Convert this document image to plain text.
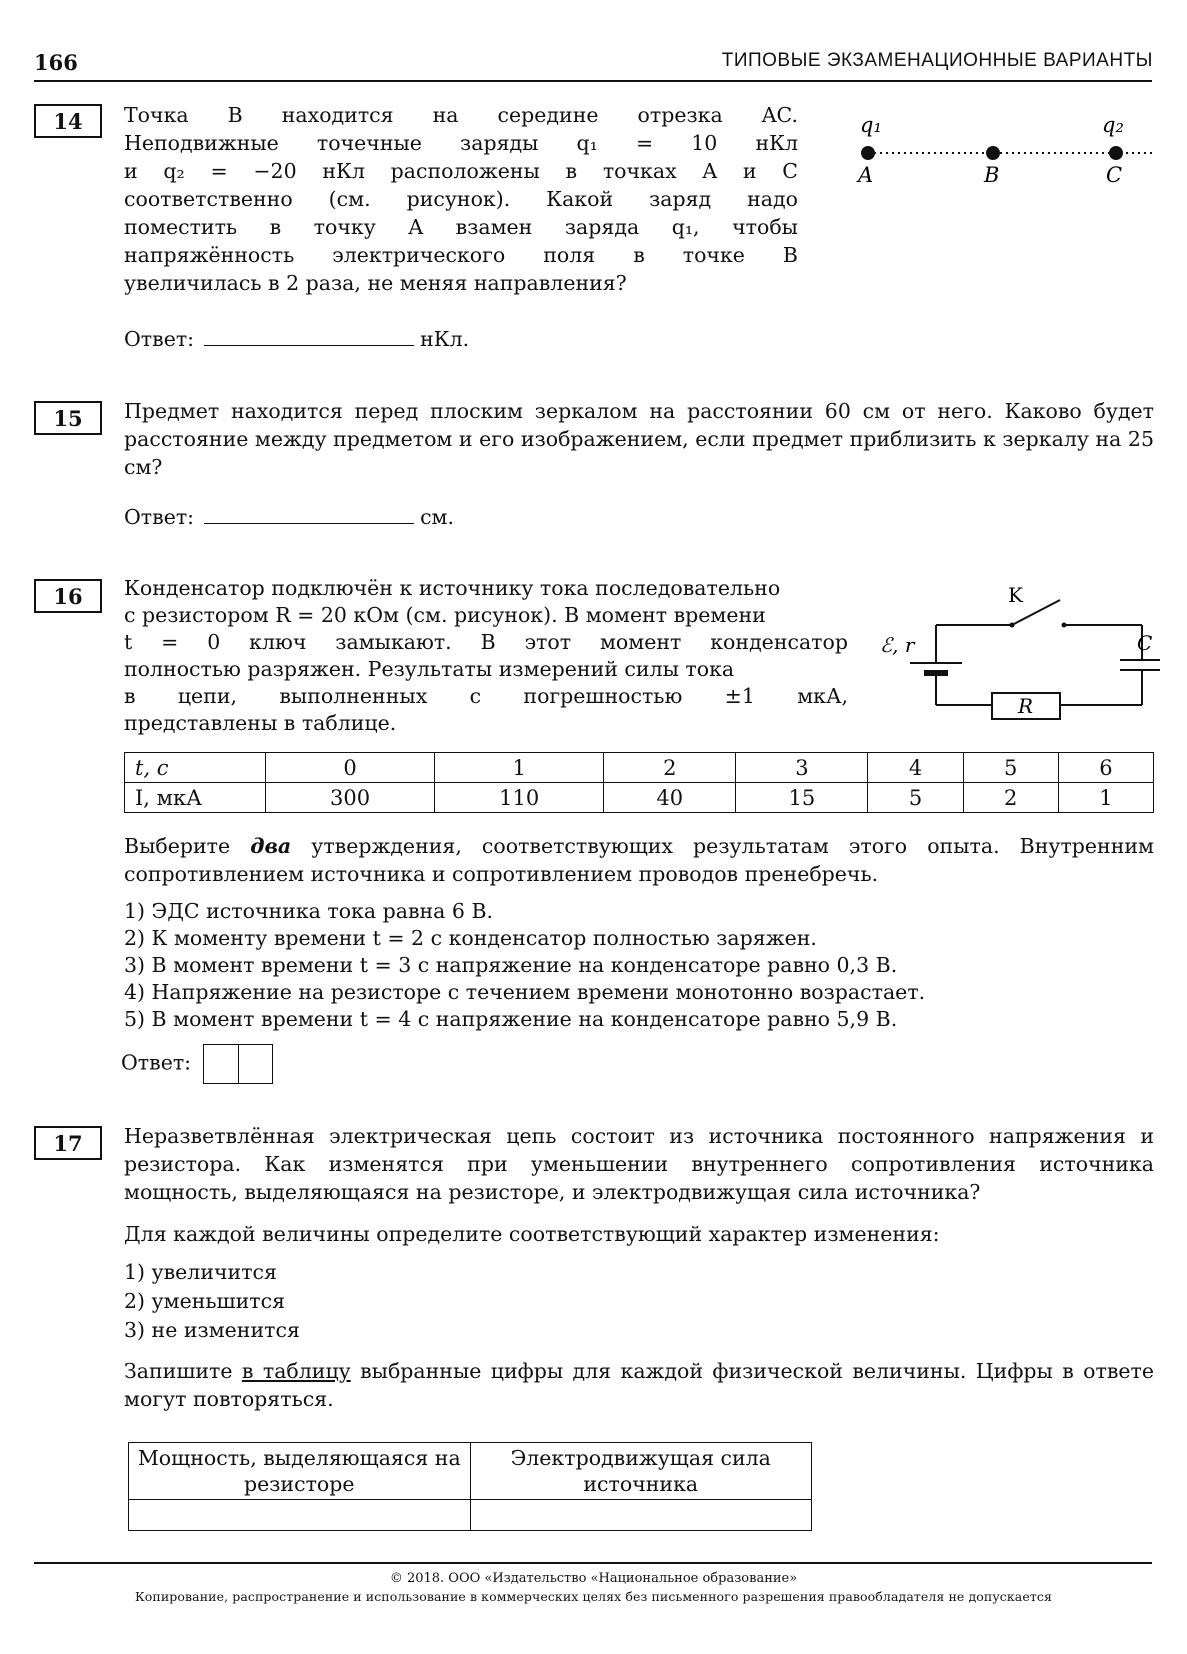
166	ТИПОВЫЕ ЭКЗАМЕНАЦИОННЫЕ ВАРИАНТЫ
14	Точка B находится на середине отрезка AC.
Неподвижные точечные заряды q₁ = 10 нКл
и q₂ = −20 нКл расположены в точках A и C
соответственно (см. рисунок). Какой заряд надо
поместить в точку A взамен заряда q₁, чтобы
напряжённость электрического поля в точке B
увеличилась в 2 раза, не меняя направления?
q₁	q₂
A	B	C
Ответ:	нКл.
15	Предмет находится перед плоским зеркалом на расстоянии 60 см от него. Каково будет расстояние между предметом и его изображением, если предмет приблизить к зеркалу на 25 см?
Ответ:	см.
16	Конденсатор подключён к источнику тока последовательно
с резистором R = 20 кОм (см. рисунок). В момент времени
t = 0 ключ замыкают. В этот момент конденсатор
полностью разряжен. Результаты измерений силы тока
в цепи, выполненных с погрешностью ±1 мкА,
представлены в таблице.
K
ℰ, r
R
C
t, с	0	1	2	3	4	5	6
I, мкА	300	110	40	15	5	2	1
Выберите два утверждения, соответствующих результатам этого опыта. Внутренним сопротивлением источника и сопротивлением проводов пренебречь.
1) ЭДС источника тока равна 6 В.
2) К моменту времени t = 2 с конденсатор полностью заряжен.
3) В момент времени t = 3 с напряжение на конденсаторе равно 0,3 В.
4) Напряжение на резисторе с течением времени монотонно возрастает.
5) В момент времени t = 4 с напряжение на конденсаторе равно 5,9 В.
Ответ:
17	Неразветвлённая электрическая цепь состоит из источника постоянного напряжения и резистора. Как изменятся при уменьшении внутреннего сопротивления источника мощность, выделяющаяся на резисторе, и электродвижущая сила источника?
Для каждой величины определите соответствующий характер изменения:
1) увеличится
2) уменьшится
3) не изменится
Запишите в таблицу выбранные цифры для каждой физической величины. Цифры в ответе могут повторяться.
Мощность, выделяющаяся на резисторе	Электродвижущая сила источника

© 2018. ООО «Издательство «Национальное образование»
Копирование, распространение и использование в коммерческих целях без письменного разрешения правообладателя не допускается
